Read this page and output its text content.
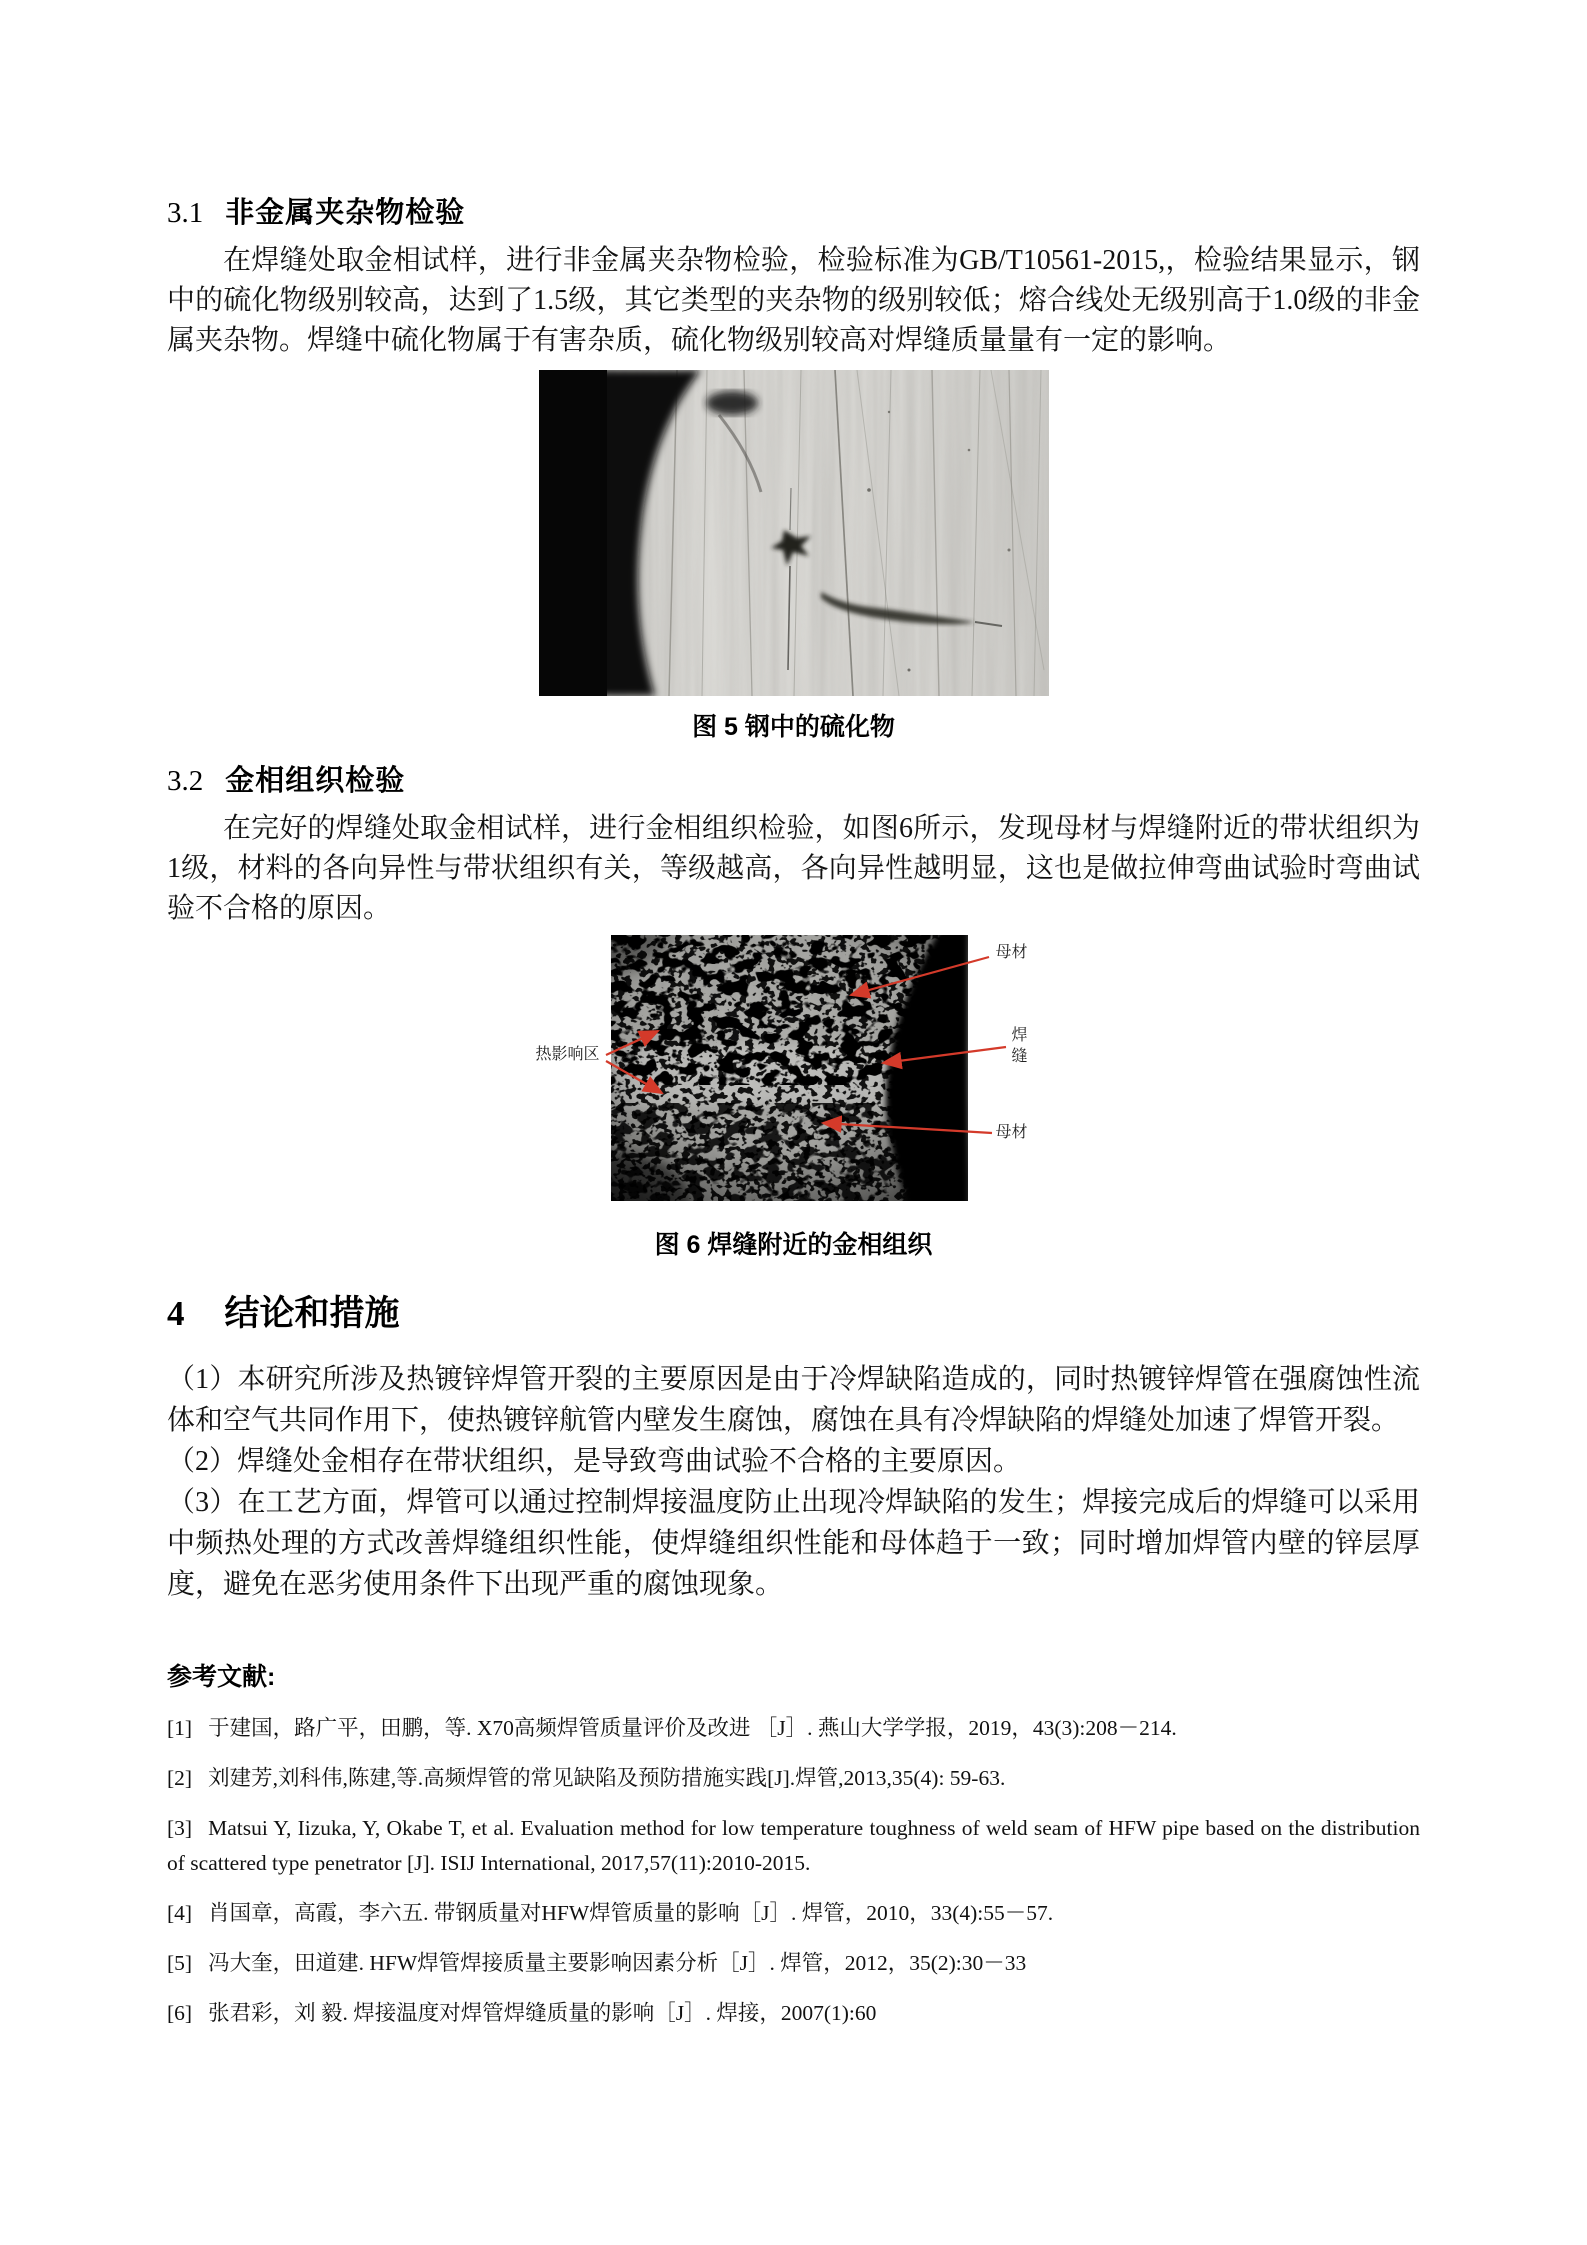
3.1 非金属夹杂物检验

在焊缝处取金相试样，进行非金属夹杂物检验，检验标准为GB/T10561-2015,，检验结果显示，钢中的硫化物级别较高，达到了1.5级，其它类型的夹杂物的级别较低；熔合线处无级别高于1.0级的非金属夹杂物。焊缝中硫化物属于有害杂质，硫化物级别较高对焊缝质量量有一定的影响。

图 5 钢中的硫化物

3.2 金相组织检验

在完好的焊缝处取金相试样，进行金相组织检验，如图6所示，发现母材与焊缝附近的带状组织为1级，材料的各向异性与带状组织有关，等级越高，各向异性越明显，这也是做拉伸弯曲试验时弯曲试验不合格的原因。

热影响区
母材
焊缝
母材

图 6 焊缝附近的金相组织

4 结论和措施

（1）本研究所涉及热镀锌焊管开裂的主要原因是由于冷焊缺陷造成的，同时热镀锌焊管在强腐蚀性流体和空气共同作用下，使热镀锌航管内壁发生腐蚀，腐蚀在具有冷焊缺陷的焊缝处加速了焊管开裂。

（2）焊缝处金相存在带状组织，是导致弯曲试验不合格的主要原因。

（3）在工艺方面，焊管可以通过控制焊接温度防止出现冷焊缺陷的发生；焊接完成后的焊缝可以采用中频热处理的方式改善焊缝组织性能，使焊缝组织性能和母体趋于一致；同时增加焊管内壁的锌层厚度，避免在恶劣使用条件下出现严重的腐蚀现象。

参考文献:

[1] 于建国，路广平，田鹏，等. X70高频焊管质量评价及改进 ［J］. 燕山大学学报，2019，43(3):208－214.

[2] 刘建芳,刘科伟,陈建,等.高频焊管的常见缺陷及预防措施实践[J].焊管,2013,35(4): 59-63.

[3] Matsui Y, Iizuka, Y, Okabe T, et al. Evaluation method for low temperature toughness of weld seam of HFW pipe based on the distribution of scattered type penetrator [J]. ISIJ International, 2017,57(11):2010-2015.

[4] 肖国章，高霞，李六五. 带钢质量对HFW焊管质量的影响［J］. 焊管，2010，33(4):55－57.

[5] 冯大奎，田道建. HFW焊管焊接质量主要影响因素分析［J］. 焊管，2012，35(2):30－33

[6] 张君彩，刘 毅. 焊接温度对焊管焊缝质量的影响［J］. 焊接，2007(1):60
